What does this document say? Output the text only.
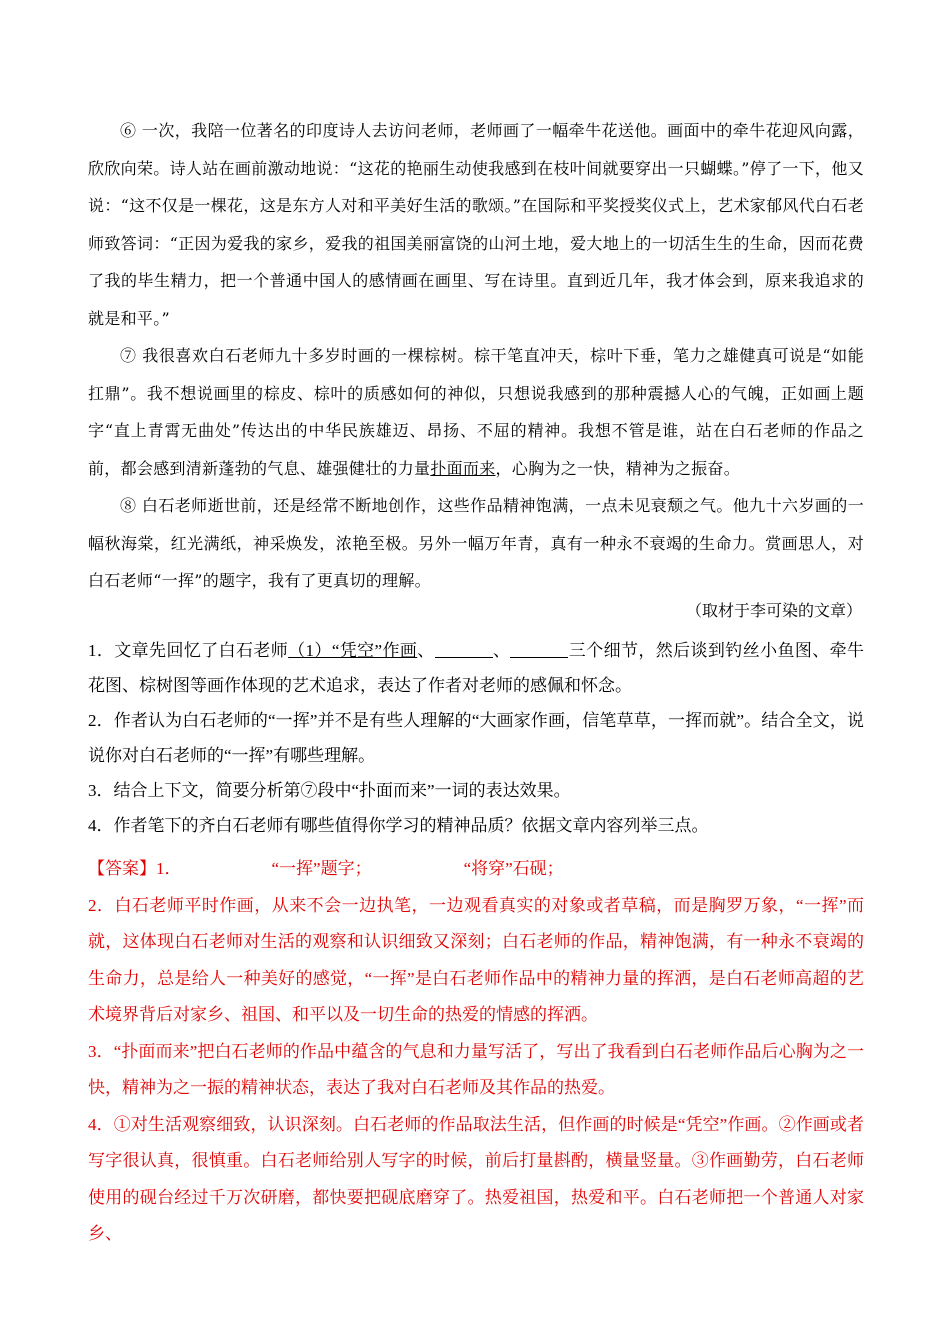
⑥ 一次，我陪一位著名的印度诗人去访问老师，老师画了一幅牵牛花送他。画面中的牵牛花迎风向露，欣欣向荣。诗人站在画前激动地说：“这花的艳丽生动使我感到在枝叶间就要穿出一只蝴蝶。”停了一下，他又说：“这不仅是一棵花，这是东方人对和平美好生活的歌颂。”在国际和平奖授奖仪式上，艺术家郁风代白石老师致答词：“正因为爱我的家乡，爱我的祖国美丽富饶的山河土地，爱大地上的一切活生生的生命，因而花费了我的毕生精力，把一个普通中国人的感情画在画里、写在诗里。直到近几年，我才体会到，原来我追求的就是和平。”

⑦ 我很喜欢白石老师九十多岁时画的一棵棕树。棕干笔直冲天，棕叶下垂，笔力之雄健真可说是“如能扛鼎”。我不想说画里的棕皮、棕叶的质感如何的神似，只想说我感到的那种震撼人心的气魄，正如画上题字“直上青霄无曲处”传达出的中华民族雄迈、昂扬、不屈的精神。我想不管是谁，站在白石老师的作品之前，都会感到清新蓬勃的气息、雄强健壮的力量扑面而来，心胸为之一快，精神为之振奋。

⑧ 白石老师逝世前，还是经常不断地创作，这些作品精神饱满，一点未见衰颓之气。他九十六岁画的一幅秋海棠，红光满纸，神采焕发，浓艳至极。另外一幅万年青，真有一种永不衰竭的生命力。赏画思人，对白石老师“一挥”的题字，我有了更真切的理解。

（取材于李可染的文章）

1．文章先回忆了白石老师（1）“凭空”作画、	、	三个细节，然后谈到钓丝小鱼图、牵牛花图、棕树图等画作体现的艺术追求，表达了作者对老师的感佩和怀念。

2．作者认为白石老师的“一挥”并不是有些人理解的“大画家作画，信笔草草，一挥而就”。结合全文，说说你对白石老师的“一挥”有哪些理解。

3．结合上下文，简要分析第⑦段中“扑面而来”一词的表达效果。

4．作者笔下的齐白石老师有哪些值得你学习的精神品质？依据文章内容列举三点。

【答案】1．	“一挥”题字；	“将穿”石砚；

2．白石老师平时作画，从来不会一边执笔，一边观看真实的对象或者草稿，而是胸罗万象，“一挥”而就，这体现白石老师对生活的观察和认识细致又深刻；白石老师的作品，精神饱满，有一种永不衰竭的生命力，总是给人一种美好的感觉，“一挥”是白石老师作品中的精神力量的挥洒，是白石老师高超的艺术境界背后对家乡、祖国、和平以及一切生命的热爱的情感的挥洒。

3．“扑面而来”把白石老师的作品中蕴含的气息和力量写活了，写出了我看到白石老师作品后心胸为之一快，精神为之一振的精神状态，表达了我对白石老师及其作品的热爱。

4．①对生活观察细致，认识深刻。白石老师的作品取法生活，但作画的时候是“凭空”作画。②作画或者写字很认真，很慎重。白石老师给别人写字的时候，前后打量斟酌，横量竖量。③作画勤劳，白石老师使用的砚台经过千万次研磨，都快要把砚底磨穿了。热爱祖国，热爱和平。白石老师把一个普通人对家乡、
